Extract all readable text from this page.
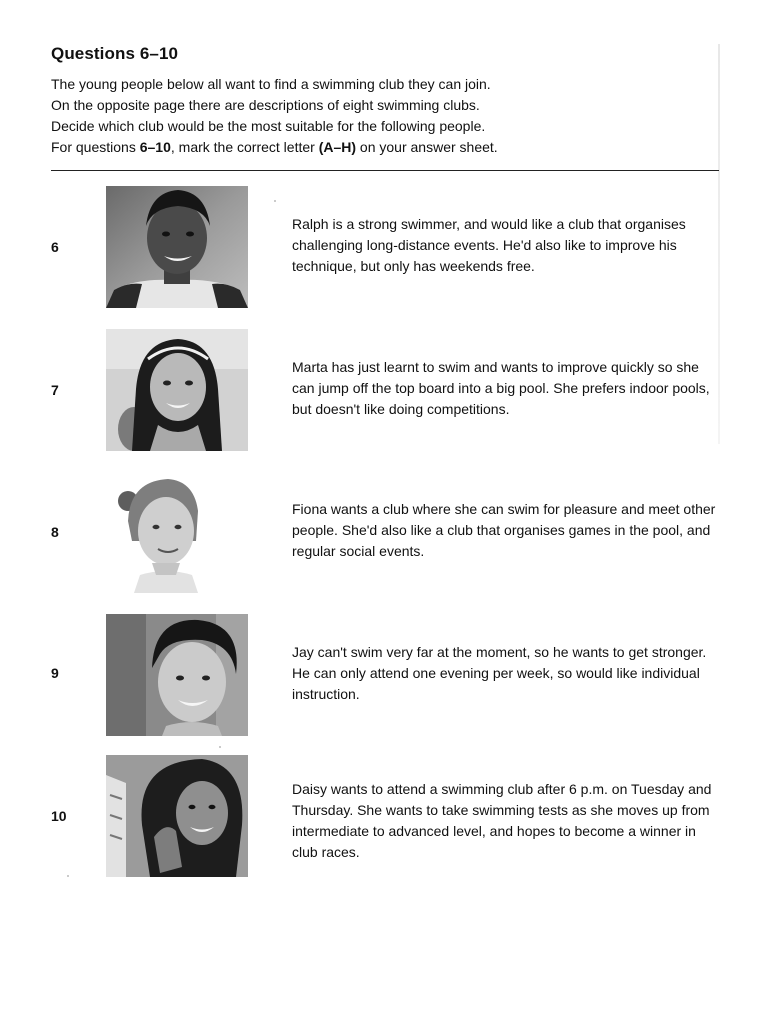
Questions 6–10

The young people below all want to find a swimming club they can join.

On the opposite page there are descriptions of eight swimming clubs.

Decide which club would be the most suitable for the following people.

For questions 6–10, mark the correct letter (A–H) on your answer sheet.

6

Ralph is a strong swimmer, and would like a club that organises challenging long-distance events. He'd also like to improve his technique, but only has weekends free.

7

Marta has just learnt to swim and wants to improve quickly so she can jump off the top board into a big pool. She prefers indoor pools, but doesn't like doing competitions.

8

Fiona wants a club where she can swim for pleasure and meet other people. She'd also like a club that organises games in the pool, and regular social events.

9

Jay can't swim very far at the moment, so he wants to get stronger. He can only attend one evening per week, so would like individual instruction.

10

Daisy wants to attend a swimming club after 6 p.m. on Tuesday and Thursday. She wants to take swimming tests as she moves up from intermediate to advanced level, and hopes to become a winner in club races.
